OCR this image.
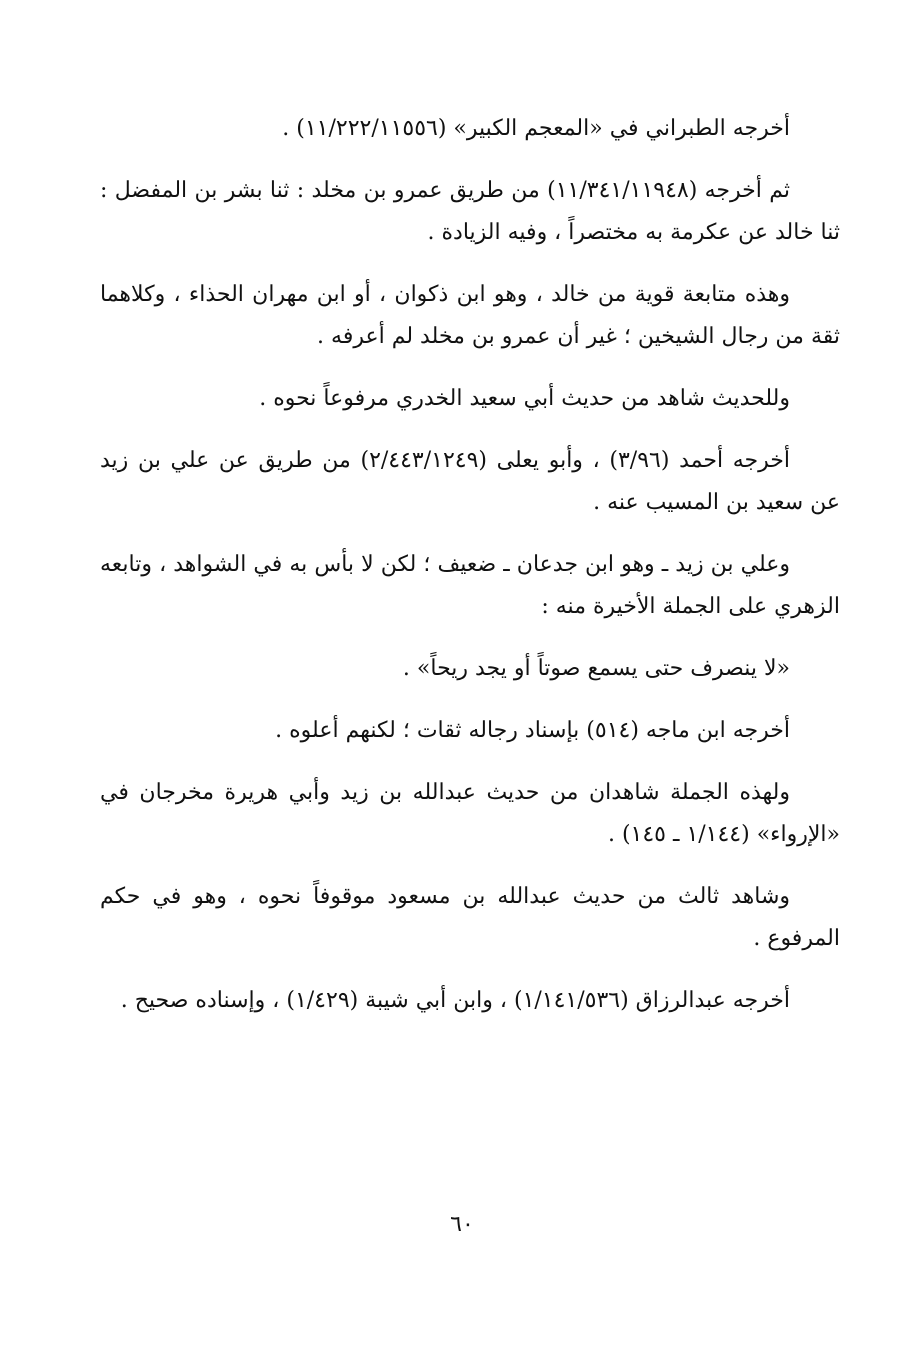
أخرجه الطبراني في «المعجم الكبير» (١١/٢٢٢/١١٥٥٦) .

ثم أخرجه (١١/٣٤١/١١٩٤٨) من طريق عمرو بن مخلد : ثنا بشر بن المفضل : ثنا خالد عن عكرمة به مختصراً ، وفيه الزيادة .

وهذه متابعة قوية من خالد ، وهو ابن ذكوان ، أو ابن مهران الحذاء ، وكلاهما ثقة من رجال الشيخين ؛ غير أن عمرو بن مخلد لم أعرفه .

وللحديث شاهد من حديث أبي سعيد الخدري مرفوعاً نحوه .

أخرجه أحمد (٣/٩٦) ، وأبو يعلى (٢/٤٤٣/١٢٤٩) من طريق عن علي بن زيد عن سعيد بن المسيب عنه .

وعلي بن زيد ـ وهو ابن جدعان ـ ضعيف ؛ لكن لا بأس به في الشواهد ، وتابعه الزهري على الجملة الأخيرة منه :

«لا ينصرف حتى يسمع صوتاً أو يجد ريحاً» .

أخرجه ابن ماجه (٥١٤) بإسناد رجاله ثقات ؛ لكنهم أعلوه .

ولهذه الجملة شاهدان من حديث عبدالله بن زيد وأبي هريرة مخرجان في «الإرواء» (١/١٤٤ ـ ١٤٥) .

وشاهد ثالث من حديث عبدالله بن مسعود موقوفاً نحوه ، وهو في حكم المرفوع .

أخرجه عبدالرزاق (١/١٤١/٥٣٦) ، وابن أبي شيبة (١/٤٢٩) ، وإسناده صحيح .

٦٠
